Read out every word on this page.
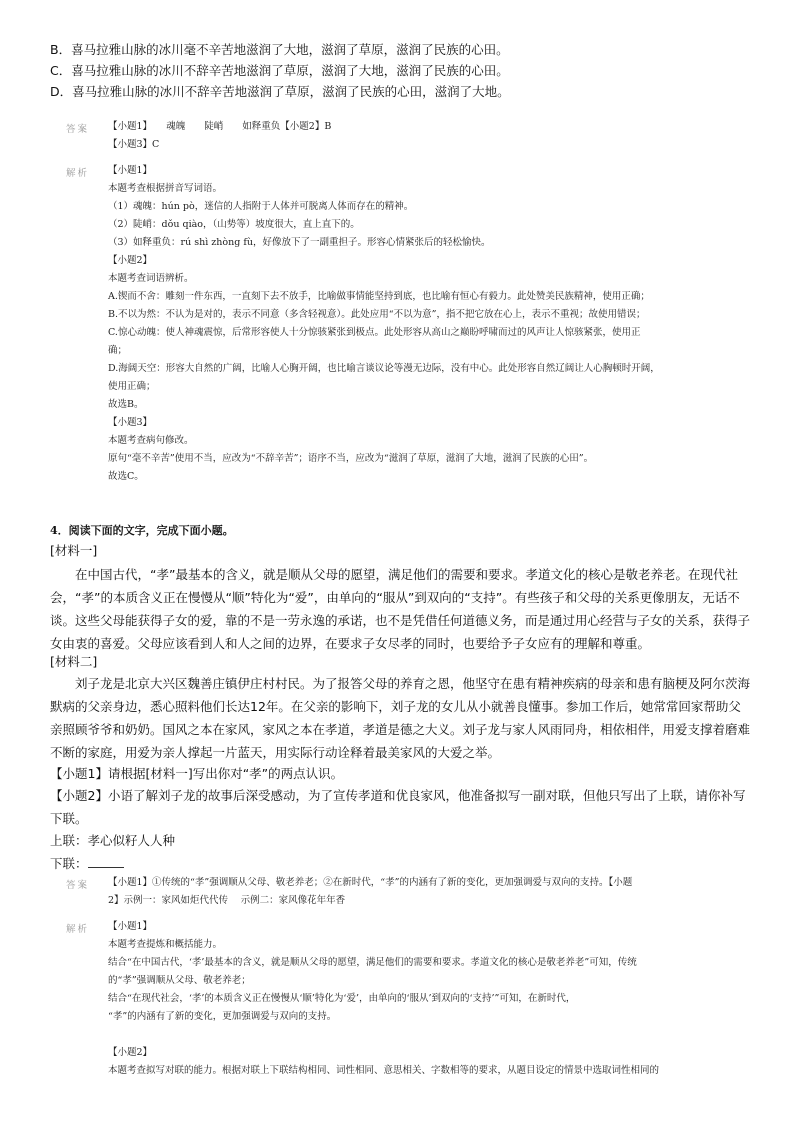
B．喜马拉雅山脉的冰川毫不辛苦地滋润了大地，滋润了草原，滋润了民族的心田。
C．喜马拉雅山脉的冰川不辞辛苦地滋润了草原，滋润了大地，滋润了民族的心田。
D．喜马拉雅山脉的冰川不辞辛苦地滋润了草原，滋润了民族的心田，滋润了大地。
答案 【小题1】　　魂魄　　陡峭　　如释重负【小题2】B
【小题3】C
解析 【小题1】
本题考查根据拼音写词语。
（1）魂魄：hún pò，迷信的人指附于人体并可脱离人体而存在的精神。
（2）陡峭：dǒu qiào，（山势等）坡度很大，直上直下的。
（3）如释重负：rú shì zhòng fù，好像放下了一副重担子。形容心情紧张后的轻松愉快。
【小题2】
本题考查词语辨析。
A.锲而不舍：雕刻一件东西，一直刻下去不放手，比喻做事情能坚持到底，也比喻有恒心有毅力。此处赞美民族精神，使用正确；
B.不以为然：不认为是对的，表示不同意（多含轻视意）。此处应用“不以为意”，指不把它放在心上，表示不重视；故使用错误；
C.惊心动魄：使人神魂震惊，后常形容使人十分惊骇紧张到极点。此处形容从高山之巅盼呼啸而过的风声让人惊骇紧张，使用正
确；
D.海阔天空：形容大自然的广阔，比喻人心胸开阔，也比喻言谈议论等漫无边际，没有中心。此处形容自然辽阔让人心胸顿时开阔，
使用正确；
故选B。
【小题3】
本题考查病句修改。
原句“毫不辛苦”使用不当，应改为“不辞辛苦”；语序不当，应改为“滋润了草原，滋润了大地，滋润了民族的心田”。
故选C。
4．阅读下面的文字，完成下面小题。
[材料一]
在中国古代，“孝”最基本的含义，就是顺从父母的愿望，满足他们的需要和要求。孝道文化的核心是敬老养老。在现代社会，“孝”的本质含义正在慢慢从“顺”特化为“爱”，由单向的“服从”到双向的“支持”。有些孩子和父母的关系更像朋友，无话不谈。这些父母能获得子女的爱，靠的不是一劳永逸的承诺，也不是凭借任何道德义务，而是通过用心经营与子女的关系，获得子女由衷的喜爱。父母应该看到人和人之间的边界，在要求子女尽孝的同时，也要给予子女应有的理解和尊重。
[材料二]
刘子龙是北京大兴区魏善庄镇伊庄村村民。为了报答父母的养育之恩，他坚守在患有精神疾病的母亲和患有脑梗及阿尔茨海默病的父亲身边，悉心照料他们长达12年。在父亲的影响下，刘子龙的女儿从小就善良懂事。参加工作后，她常常回家帮助父亲照顾爷爷和奶奶。国风之本在家风，家风之本在孝道，孝道是德之大义。刘子龙与家人风雨同舟，相依相伴，用爱支撑着磨难不断的家庭，用爱为亲人撑起一片蓝天，用实际行动诠释着最美家风的大爱之举。
【小题1】请根据[材料一]写出你对“孝”的两点认识。
【小题2】小语了解刘子龙的故事后深受感动，为了宣传孝道和优良家风，他准备拟写一副对联，但他只写出了上联，请你补写下联。
上联：孝心似籽人人种
下联：
答案 【小题1】①传统的“孝”强调顺从父母、敬老养老；②在新时代，“孝”的内涵有了新的变化，更加强调爱与双向的支持。【小题
2】示例一：家风如炬代代传　 示例二：家风像花年年香
解析 【小题1】
本题考查提炼和概括能力。
结合“在中国古代，‘孝’最基本的含义，就是顺从父母的愿望，满足他们的需要和要求。孝道文化的核心是敬老养老”可知，传统
的“孝”强调顺从父母、敬老养老；
结合“在现代社会，‘孝’的本质含义正在慢慢从‘顺’特化为‘爱’，由单向的‘服从’到双向的‘支持’”可知，在新时代，
“孝”的内涵有了新的变化，更加强调爱与双向的支持。
【小题2】
本题考查拟写对联的能力。根据对联上下联结构相同、词性相同、意思相关、字数相等的要求，从题目设定的情景中选取词性相同的
